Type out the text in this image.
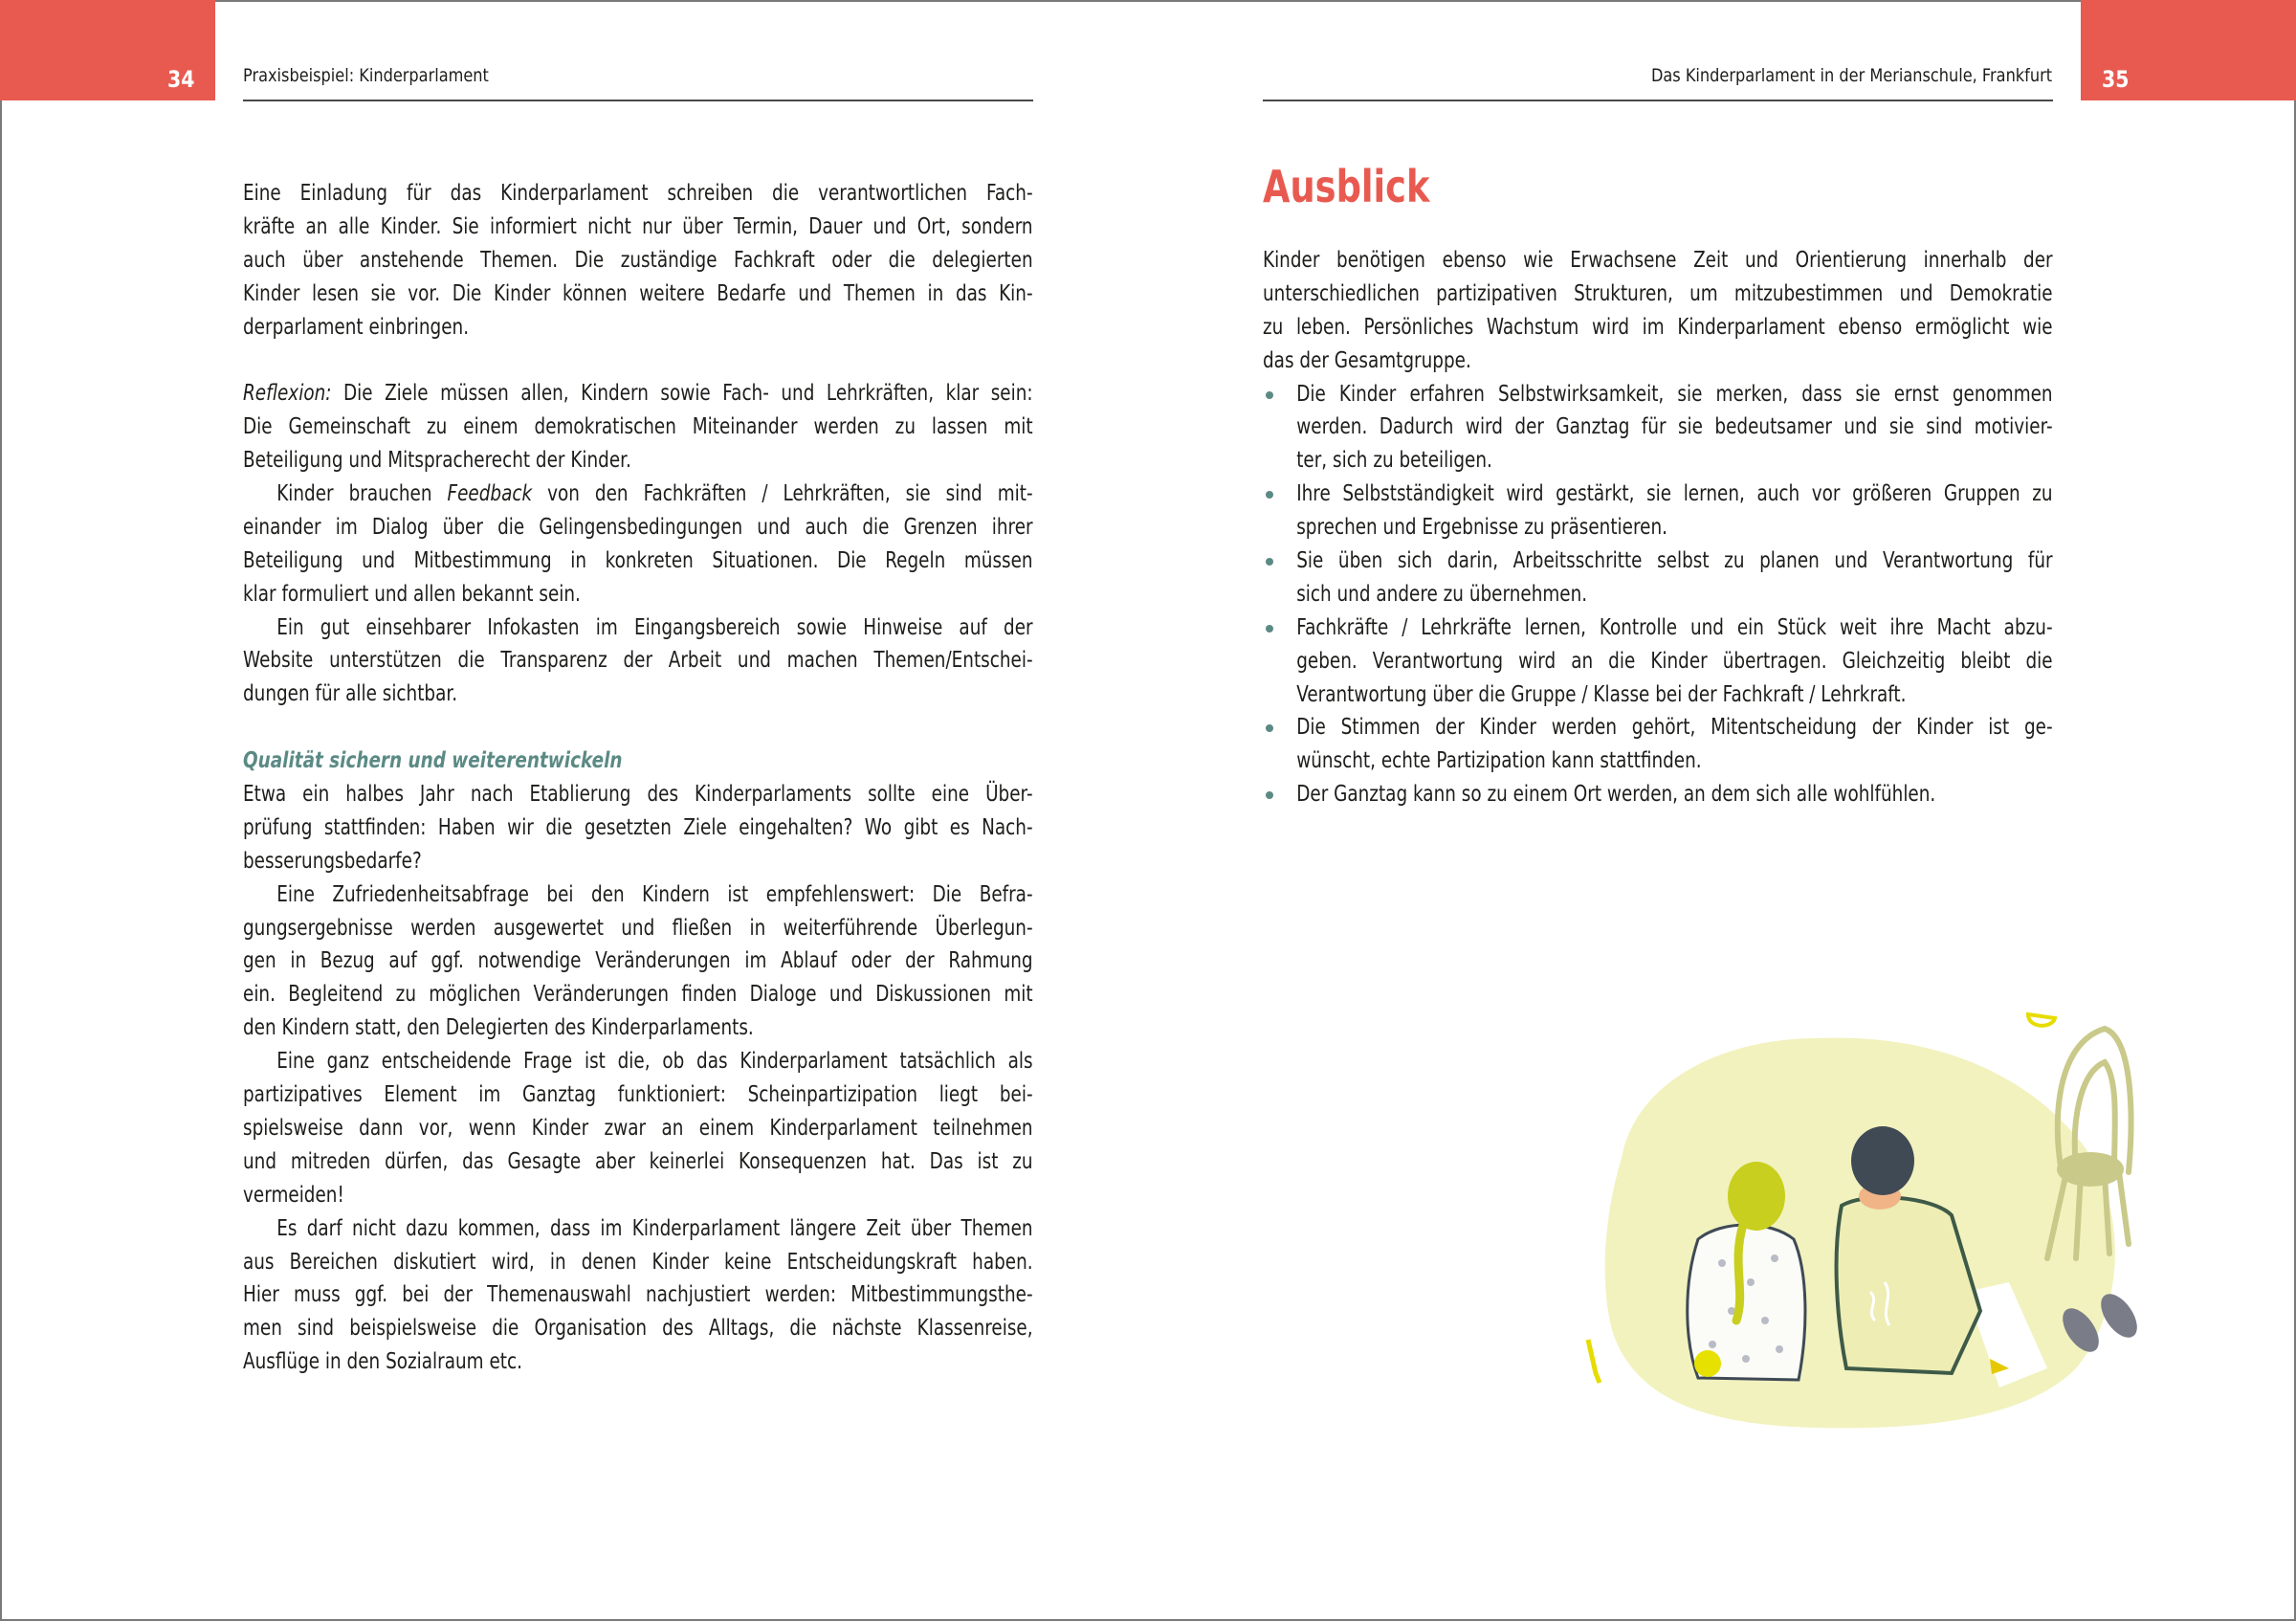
34	Praxisbeispiel: Kinderparlament	35
Das Kinderparlament in der Merianschule, Frankfurt
Eine Einladung für das Kinderparlament schreiben die verantwortlichen Fach-
kräfte an alle Kinder. Sie informiert nicht nur über Termin, Dauer und Ort, sondern
auch über anstehende Themen. Die zuständige Fachkraft oder die delegierten
Kinder lesen sie vor. Die Kinder können weitere Bedarfe und Themen in das Kin-
derparlament einbringen.
Reflexion: Die Ziele müssen allen, Kindern sowie Fach- und Lehrkräften, klar sein:
Die Gemeinschaft zu einem demokratischen Miteinander werden zu lassen mit
Beteiligung und Mitspracherecht der Kinder.
Kinder brauchen Feedback von den Fachkräften / Lehrkräften, sie sind mit-
einander im Dialog über die Gelingensbedingungen und auch die Grenzen ihrer
Beteiligung und Mitbestimmung in konkreten Situationen. Die Regeln müssen
klar formuliert und allen bekannt sein.
Ein gut einsehbarer Infokasten im Eingangsbereich sowie Hinweise auf der
Website unterstützen die Transparenz der Arbeit und machen Themen/Entschei-
dungen für alle sichtbar.
Qualität sichern und weiterentwickeln
Etwa ein halbes Jahr nach Etablierung des Kinderparlaments sollte eine Über-
prüfung stattfinden: Haben wir die gesetzten Ziele eingehalten? Wo gibt es Nach-
besserungsbedarfe?
Eine Zufriedenheitsabfrage bei den Kindern ist empfehlenswert: Die Befra-
gungsergebnisse werden ausgewertet und fließen in weiterführende Überlegun-
gen in Bezug auf ggf. notwendige Veränderungen im Ablauf oder der Rahmung
ein. Begleitend zu möglichen Veränderungen finden Dialoge und Diskussionen mit
den Kindern statt, den Delegierten des Kinderparlaments.
Eine ganz entscheidende Frage ist die, ob das Kinderparlament tatsächlich als
partizipatives Element im Ganztag funktioniert: Scheinpartizipation liegt bei-
spielsweise dann vor, wenn Kinder zwar an einem Kinderparlament teilnehmen
und mitreden dürfen, das Gesagte aber keinerlei Konsequenzen hat. Das ist zu
vermeiden!
Es darf nicht dazu kommen, dass im Kinderparlament längere Zeit über Themen
aus Bereichen diskutiert wird, in denen Kinder keine Entscheidungskraft haben.
Hier muss ggf. bei der Themenauswahl nachjustiert werden: Mitbestimmungsthe-
men sind beispielsweise die Organisation des Alltags, die nächste Klassenreise,
Ausflüge in den Sozialraum etc.
Ausblick
Kinder benötigen ebenso wie Erwachsene Zeit und Orientierung innerhalb der
unterschiedlichen partizipativen Strukturen, um mitzubestimmen und Demokratie
zu leben. Persönliches Wachstum wird im Kinderparlament ebenso ermöglicht wie
das der Gesamtgruppe.
Die Kinder erfahren Selbstwirksamkeit, sie merken, dass sie ernst genommen
werden. Dadurch wird der Ganztag für sie bedeutsamer und sie sind motivier-
ter, sich zu beteiligen.
Ihre Selbstständigkeit wird gestärkt, sie lernen, auch vor größeren Gruppen zu
sprechen und Ergebnisse zu präsentieren.
Sie üben sich darin, Arbeitsschritte selbst zu planen und Verantwortung für
sich und andere zu übernehmen.
Fachkräfte / Lehrkräfte lernen, Kontrolle und ein Stück weit ihre Macht abzu-
geben. Verantwortung wird an die Kinder übertragen. Gleichzeitig bleibt die
Verantwortung über die Gruppe / Klasse bei der Fachkraft / Lehrkraft.
Die Stimmen der Kinder werden gehört, Mitentscheidung der Kinder ist ge-
wünscht, echte Partizipation kann stattfinden.
Der Ganztag kann so zu einem Ort werden, an dem sich alle wohlfühlen.
